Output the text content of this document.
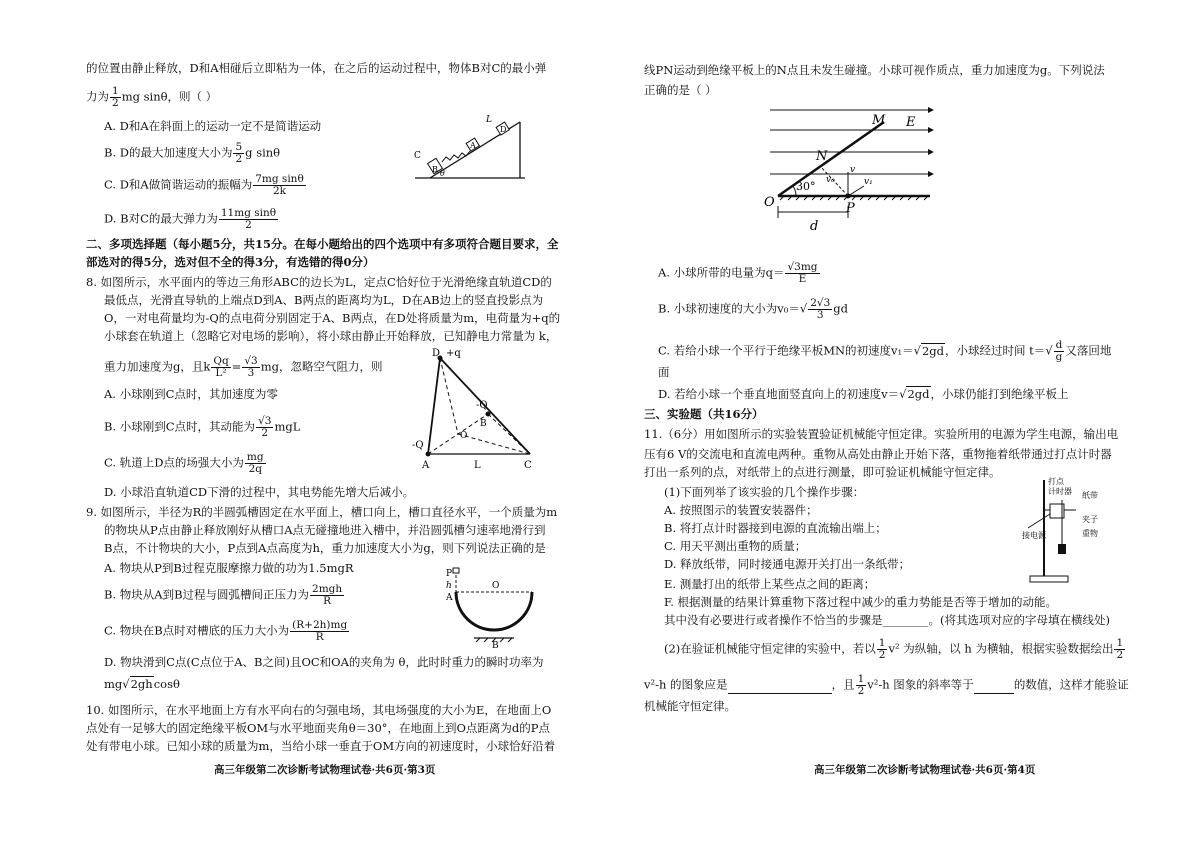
的位置由静止释放，D和A相碰后立即粘为一体，在之后的运动过程中，物体B对C的最小弹
力为 $\frac{1}{2}$ mg sinθ，则（ ）
A. D和A在斜面上的运动一定不是简谐运动
B. D的最大加速度大小为 $\frac{5}{2}$ g sinθ
C. D和A做简谐运动的振幅为 $\frac{\text{7mg sinθ}}{2k}$
D. B对C的最大弹力为 $\frac{\text{11mg sinθ}}{2}$
C
D
A
B
L
θ
二、多项选择题（每小题5分，共15分。在每小题给出的四个选项中有多项符合题目要求，全
部选对的得5分，选对但不全的得3分，有选错的得0分）
8. 如图所示，水平面内的等边三角形ABC的边长为L，定点C恰好位于光滑绝缘直轨道CD的
最低点，光滑直导轨的上端点D到A、B两点的距离均为L，D在AB边上的竖直投影点为
O，一对电荷量均为-Q的点电荷分别固定于A、B两点，在D处将质量为m，电荷量为+q的
小球套在轨道上（忽略它对电场的影响），将小球由静止开始释放，已知静电力常量为 k，
重力加速度为g，且k $\frac{Qq}{\text{L²}} = \frac{√3}{3}$ mg，忽略空气阻力，则
A. 小球刚到C点时，其加速度为零
B. 小球刚到C点时，其动能为 $\frac{√3}{2}$ mgL
C. 轨道上D点的场强大小为 $\frac{mg}{2q}$
D. 小球沿直轨道CD下滑的过程中，其电势能先增大后减小。
D +q
A
B
C
O
L
-Q
-Q
9. 如图所示，半径为R的半圆弧槽固定在水平面上，槽口向上，槽口直径水平，一个质量为m
的物块从P点由静止释放刚好从槽口A点无碰撞地进入槽中，并沿圆弧槽匀速率地滑行到
B点，不计物块的大小，P点到A点高度为h，重力加速度大小为g，则下列说法正确的是
A. 物块从P到B过程克服摩擦力做的功为1.5mgR
B. 物块从A到B过程与圆弧槽间正压力为 $\frac{\text{2mgh}}{R}$
C. 物块在B点时对槽底的压力大小为 $\frac{(R+2h)mg}{R}$
D. 物块滑到C点(C点位于A、B之间)且OC和OA的夹角为 θ，此时时重力的瞬时功率为
mg√2ghcosθ
P
h
A
O
B
10. 如图所示，在水平地面上方有水平向右的匀强电场，其电场强度的大小为E，在地面上O
点处有一足够大的固定绝缘平板OM与水平地面夹角θ＝30°，在地面上到O点距离为d的P点
处有带电小球。已知小球的质量为m，当给小球一垂直于OM方向的初速度时，小球恰好沿着
高三年级第二次诊断考试物理试卷·共6页·第3页
线PN运动到绝缘平板上的N点且未发生碰撞。小球可视作质点，重力加速度为g。下列说法
正确的是（ ）
M E
N
O	P
30°
d
v₀
v
v₁
A. 小球所带的电量为$q= \frac{√3mg}{E}$
B. 小球初速度的大小为$v_0=√ \frac{2√3}{3}$ gd
C. 若给小球一个平行于绝缘平板MN的初速度v₁＝√2gd，小球经过时间 $t=√ \frac{d}{g}$ 又落回地
面
D. 若给小球一个垂直地面竖直向上的初速度v＝√2gd，小球仍能打到绝缘平板上
三、实验题（共16分）
11.（6分）用如图所示的实验装置验证机械能守恒定律。实验所用的电源为学生电源，输出电
压有6 V的交流电和直流电两种。重物从高处由静止开始下落，重物拖着纸带通过打点计时器
打出一系列的点，对纸带上的点进行测量，即可验证机械能守恒定律。
(1)下面列举了该实验的几个操作步骤：
A. 按照图示的装置安装器件；
B. 将打点计时器接到电源的直流输出端上；
C. 用天平测出重物的质量；
D. 释放纸带，同时接通电源开关打出一条纸带；
E. 测量打出的纸带上某些点之间的距离；
F. 根据测量的结果计算重物下落过程中减少的重力势能是否等于增加的动能。
其中没有必要进行或者操作不恰当的步骤是________。(将其选项对应的字母填在横线处)
(2)在验证机械能守恒定律的实验中，若以 $\frac{1}{2} v^2$ 为纵轴，以 h 为横轴，根据实验数据绘出 $\frac{1}{2}$
v²-h 的图象应是	，且 $\frac{1}{2} v^2-h$ 图象的斜率等于	的数值，这样才能验证
机械能守恒定律。
打点
计时器 纸带
夹子
重物
接电源
高三年级第二次诊断考试物理试卷·共6页·第4页
